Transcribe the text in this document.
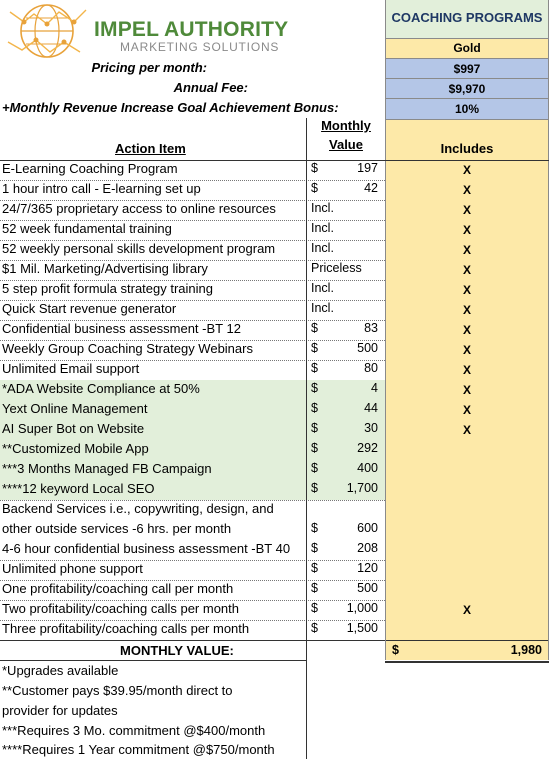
COACHING PROGRAMS
IMPEL AUTHORITY
MARKETING SOLUTIONS	Gold
Pricing per month:	$997
Annual Fee:	$9,970
+Monthly Revenue Increase Goal Achievement Bonus:	10%
Action Item
Monthly
Value	Includes
E-Learning Coaching Program	$	197	X
1 hour intro call - E-learning set up	$	42	X
24/7/365 proprietary access to online resources	Incl.	X
52 week fundamental training	Incl.	X
52 weekly personal skills development program	Incl.	X
$1 Mil. Marketing/Advertising library	Priceless	X
5 step profit formula strategy training	Incl.	X
Quick Start revenue generator	Incl.	X
Confidential business assessment -BT 12	$	83	X
Weekly Group Coaching Strategy Webinars	$	500	X
Unlimited Email support	$	80	X
*ADA Website Compliance at 50%	$	4	X
Yext Online Management	$	44	X
AI Super Bot on Website	$	30	X
**Customized Mobile App	$	292
***3 Months Managed FB Campaign	$	400
****12 keyword Local SEO	$ 1,700
Backend Services i.e., copywriting, design, and
other outside services -6 hrs. per month	$	600
4-6 hour confidential business assessment -BT 40 $	208
Unlimited phone support	$	120
One profitability/coaching call per month	$	500
Two profitability/coaching calls per month	$ 1,000	X
Three profitability/coaching calls per month	$ 1,500
MONTHLY VALUE:	$	1,980
*Upgrades available
**Customer pays $39.95/month direct to
provider for updates
***Requires 3 Mo. commitment @$400/month
****Requires 1 Year commitment @$750/month
